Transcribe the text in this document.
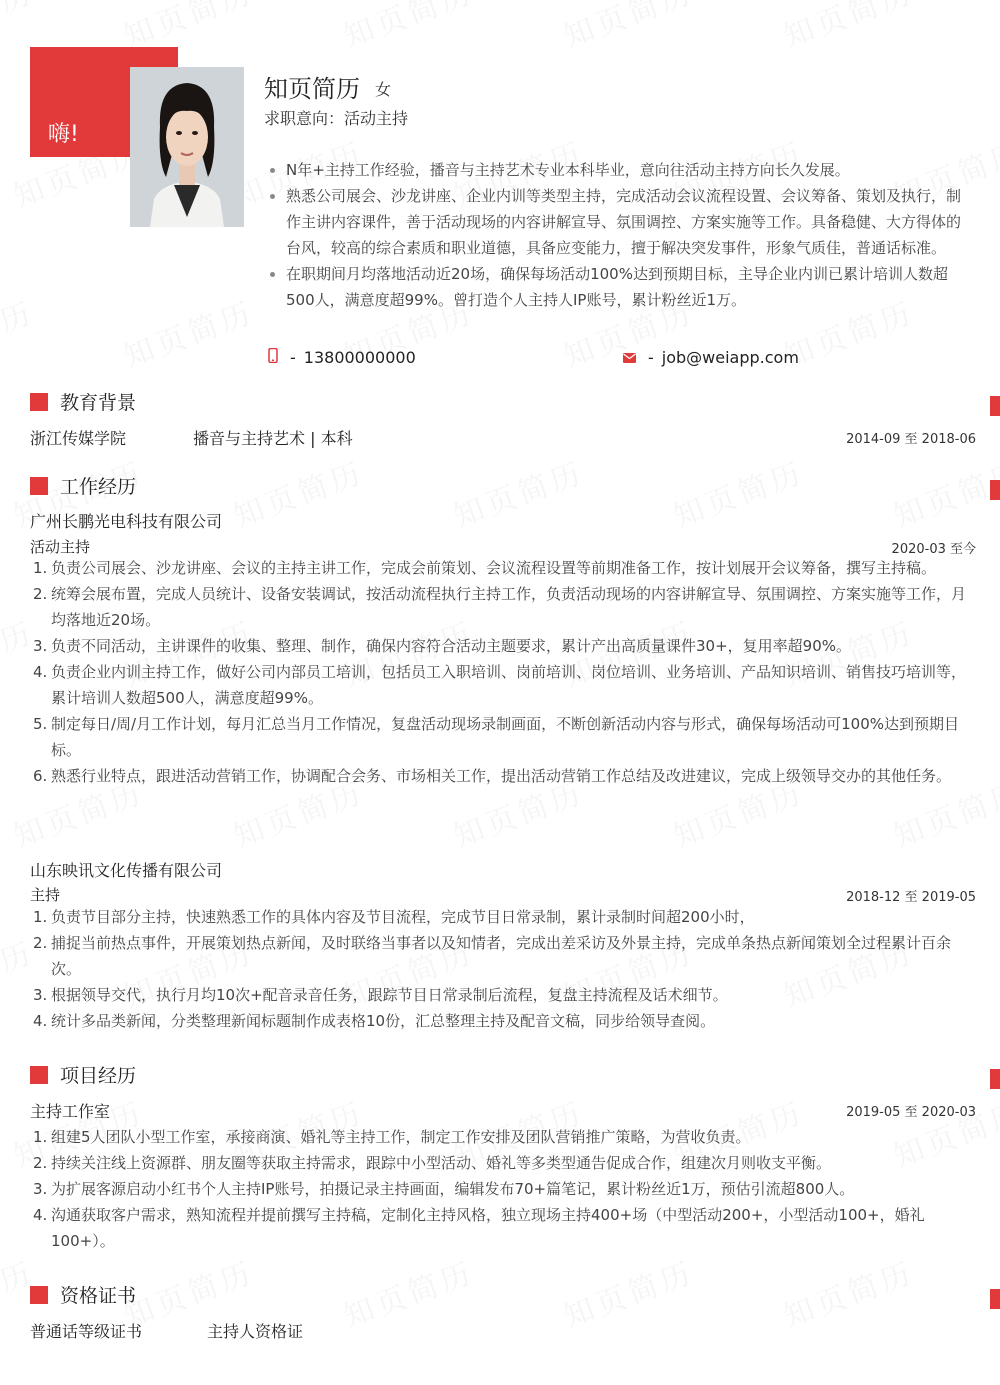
嗨!
知页简历 女
求职意向：活动主持
N年+主持工作经验，播音与主持艺术专业本科毕业，意向往活动主持方向长久发展。
熟悉公司展会、沙龙讲座、企业内训等类型主持，完成活动会议流程设置、会议筹备、策划及执行，制作主讲内容课件，善于活动现场的内容讲解宣导、氛围调控、方案实施等工作。具备稳健、大方得体的台风，较高的综合素质和职业道德，具备应变能力，擅于解决突发事件，形象气质佳，普通话标准。
在职期间月均落地活动近20场，确保每场活动100%达到预期目标，主导企业内训已累计培训人数超500人，满意度超99%。曾打造个人主持人IP账号，累计粉丝近1万。
- 13800000000	- job@weiapp.com
教育背景
浙江传媒学院	播音与主持艺术 | 本科	2014-09 至 2018-06
工作经历
广州长鹏光电科技有限公司
活动主持	2020-03 至今
1. 负责公司展会、沙龙讲座、会议的主持主讲工作，完成会前策划、会议流程设置等前期准备工作，按计划展开会议筹备，撰写主持稿。
2. 统筹会展布置，完成人员统计、设备安装调试，按活动流程执行主持工作，负责活动现场的内容讲解宣导、氛围调控、方案实施等工作，月均落地近20场。
3. 负责不同活动，主讲课件的收集、整理、制作，确保内容符合活动主题要求，累计产出高质量课件30+，复用率超90%。
4. 负责企业内训主持工作，做好公司内部员工培训，包括员工入职培训、岗前培训、岗位培训、业务培训、产品知识培训、销售技巧培训等，累计培训人数超500人，满意度超99%。
5. 制定每日/周/月工作计划，每月汇总当月工作情况，复盘活动现场录制画面，不断创新活动内容与形式，确保每场活动可100%达到预期目标。
6. 熟悉行业特点，跟进活动营销工作，协调配合会务、市场相关工作，提出活动营销工作总结及改进建议，完成上级领导交办的其他任务。
山东映讯文化传播有限公司
主持	2018-12 至 2019-05
1. 负责节目部分主持，快速熟悉工作的具体内容及节目流程，完成节目日常录制，累计录制时间超200小时，
2. 捕捉当前热点事件，开展策划热点新闻，及时联络当事者以及知情者，完成出差采访及外景主持，完成单条热点新闻策划全过程累计百余次。
3. 根据领导交代，执行月均10次+配音录音任务，跟踪节目日常录制后流程，复盘主持流程及话术细节。
4. 统计多品类新闻，分类整理新闻标题制作成表格10份，汇总整理主持及配音文稿，同步给领导查阅。
项目经历
主持工作室	2019-05 至 2020-03
1. 组建5人团队小型工作室，承接商演、婚礼等主持工作，制定工作安排及团队营销推广策略，为营收负责。
2. 持续关注线上资源群、朋友圈等获取主持需求，跟踪中小型活动、婚礼等多类型通告促成合作，组建次月则收支平衡。
3. 为扩展客源启动小红书个人主持IP账号，拍摄记录主持画面，编辑发布70+篇笔记，累计粉丝近1万，预估引流超800人。
4. 沟通获取客户需求，熟知流程并提前撰写主持稿，定制化主持风格，独立现场主持400+场（中型活动200+，小型活动100+，婚礼100+）。
资格证书
普通话等级证书	主持人资格证
